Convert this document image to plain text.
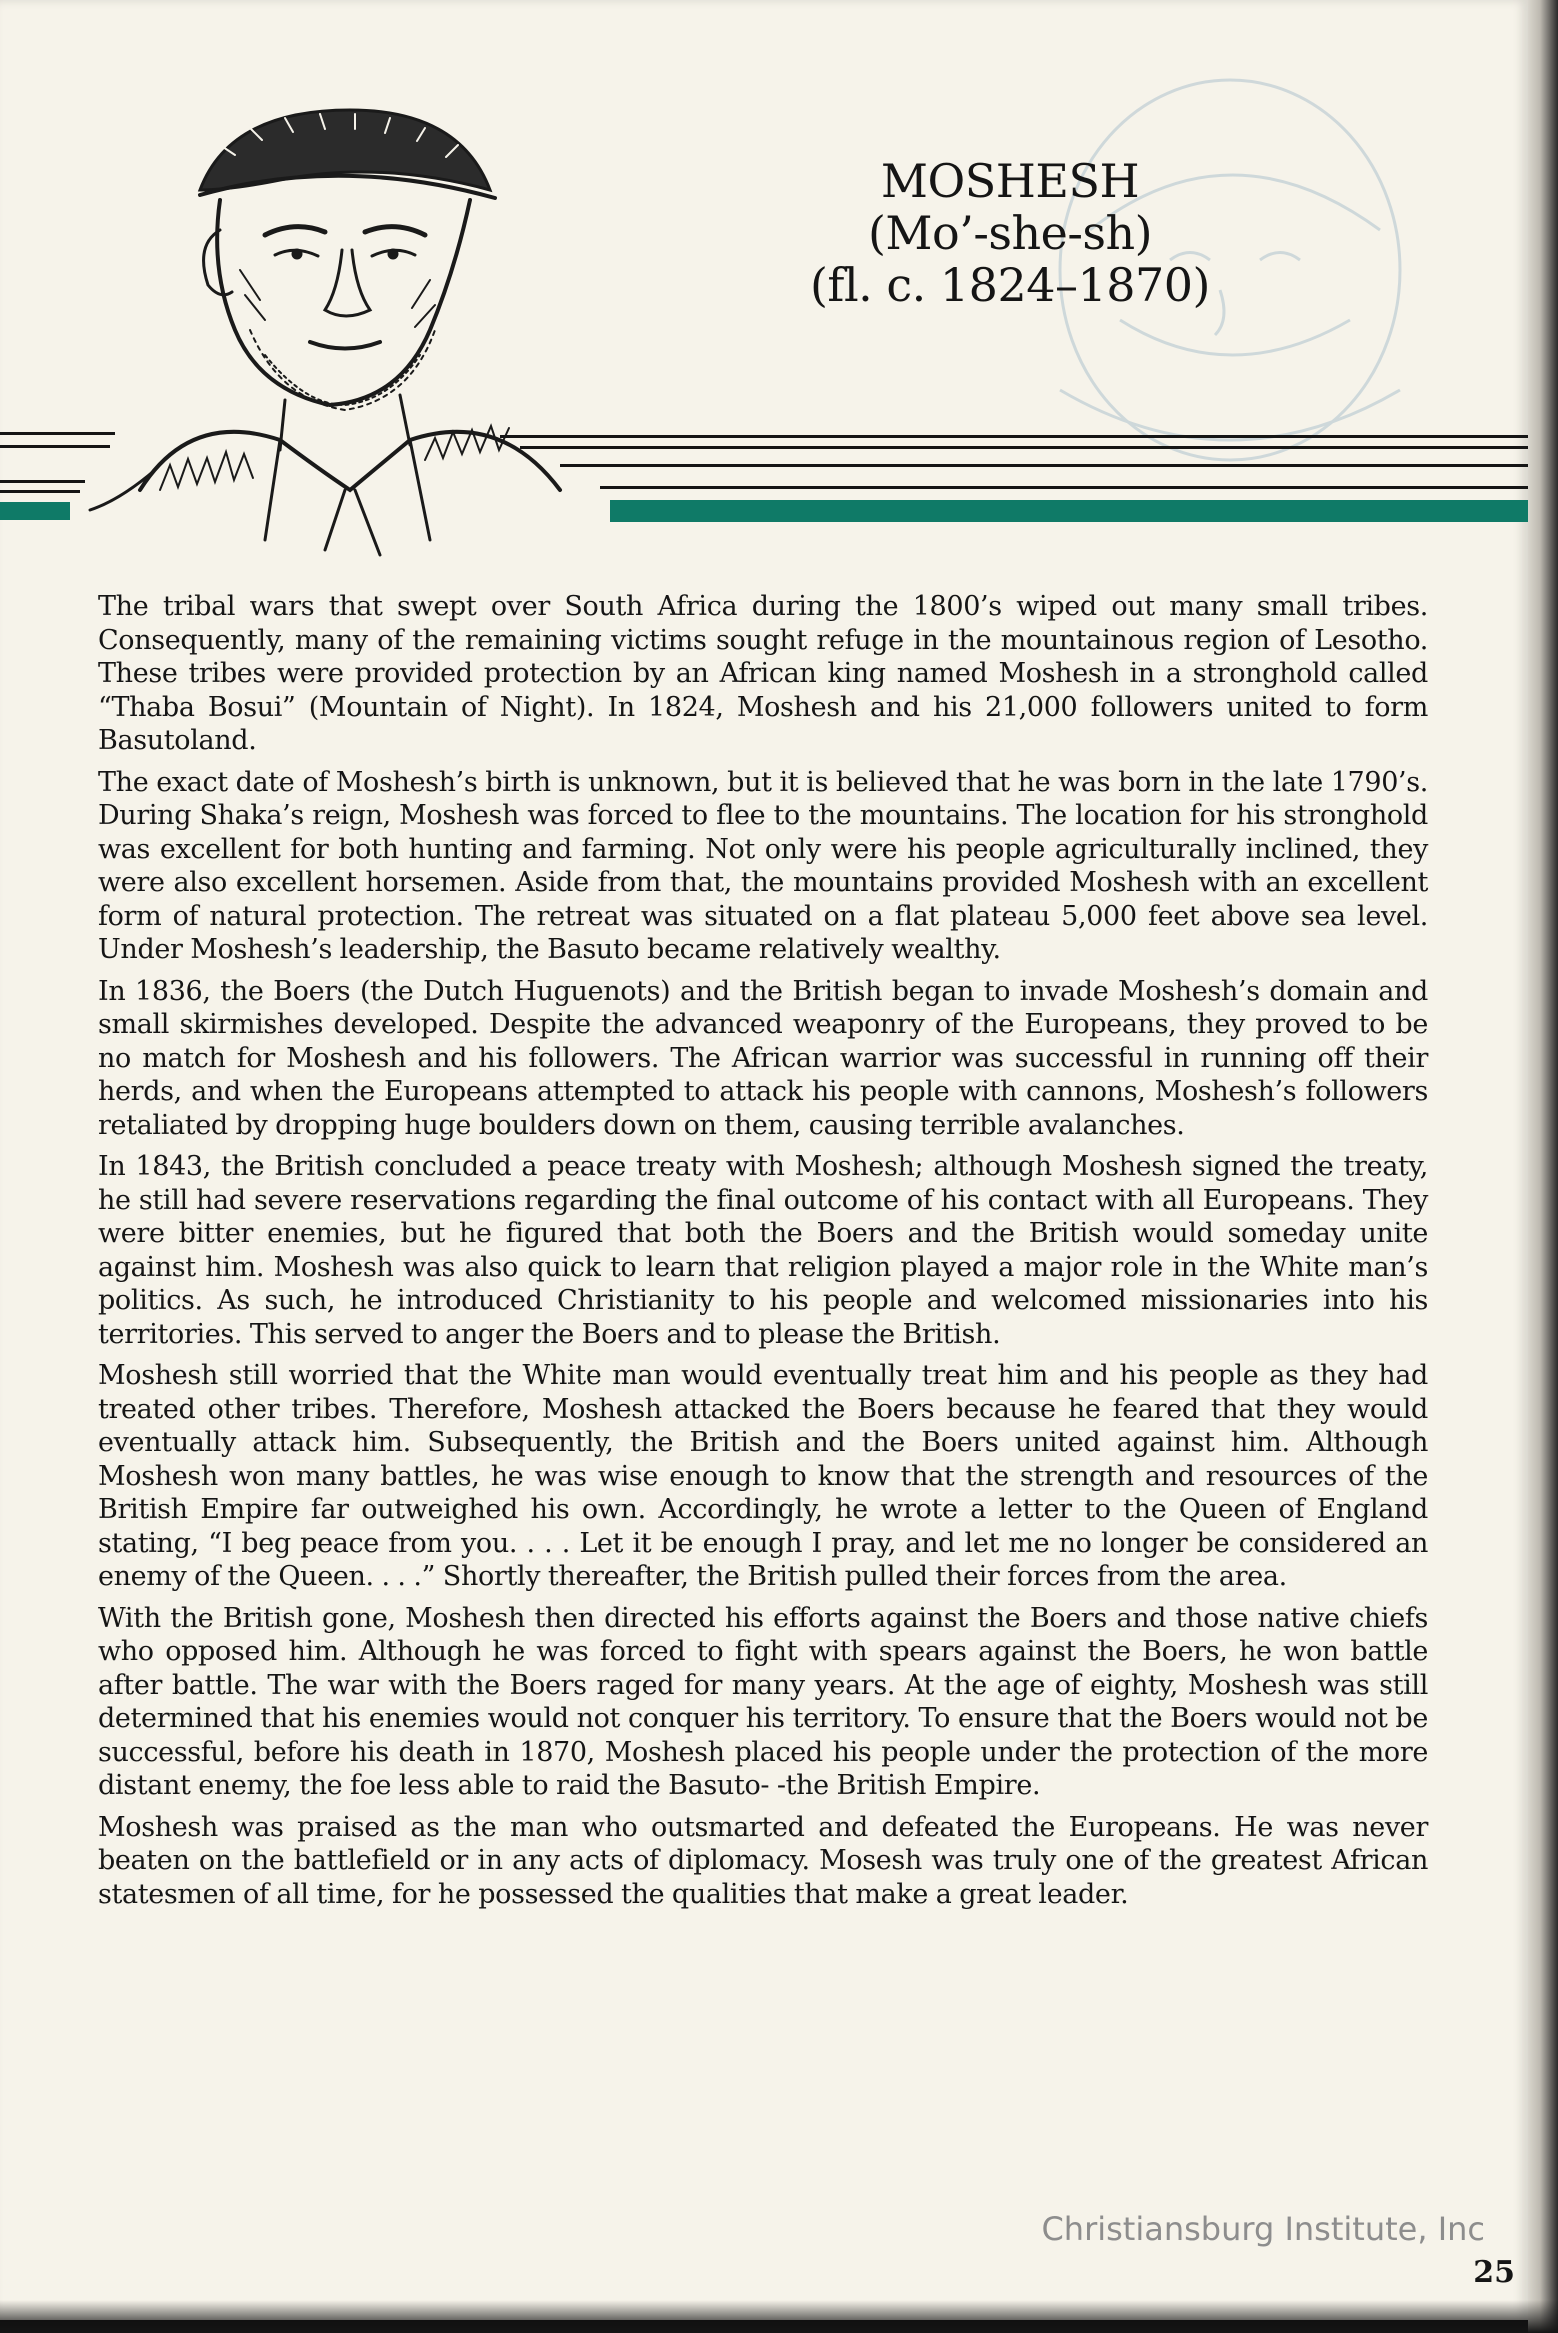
MOSHESH
(Mo’-she-sh)
(fl. c. 1824–1870)

The tribal wars that swept over South Africa during the 1800’s wiped out many small tribes. Consequently, many of the remaining victims sought refuge in the mountainous region of Lesotho. These tribes were provided protection by an African king named Moshesh in a stronghold called “Thaba Bosui” (Mountain of Night). In 1824, Moshesh and his 21,000 followers united to form Basutoland.

The exact date of Moshesh’s birth is unknown, but it is believed that he was born in the late 1790’s. During Shaka’s reign, Moshesh was forced to flee to the mountains. The location for his stronghold was excellent for both hunting and farming. Not only were his people agriculturally inclined, they were also excellent horsemen. Aside from that, the mountains provided Moshesh with an excellent form of natural protection. The retreat was situated on a flat plateau 5,000 feet above sea level. Under Moshesh’s leadership, the Basuto became relatively wealthy.

In 1836, the Boers (the Dutch Huguenots) and the British began to invade Moshesh’s domain and small skirmishes developed. Despite the advanced weaponry of the Europeans, they proved to be no match for Moshesh and his followers. The African warrior was successful in running off their herds, and when the Europeans attempted to attack his people with cannons, Moshesh’s followers retaliated by dropping huge boulders down on them, causing terrible avalanches.

In 1843, the British concluded a peace treaty with Moshesh; although Moshesh signed the treaty, he still had severe reservations regarding the final outcome of his contact with all Europeans. They were bitter enemies, but he figured that both the Boers and the British would someday unite against him. Moshesh was also quick to learn that religion played a major role in the White man’s politics. As such, he introduced Christianity to his people and welcomed missionaries into his territories. This served to anger the Boers and to please the British.

Moshesh still worried that the White man would eventually treat him and his people as they had treated other tribes. Therefore, Moshesh attacked the Boers because he feared that they would eventually attack him. Subsequently, the British and the Boers united against him. Although Moshesh won many battles, he was wise enough to know that the strength and resources of the British Empire far outweighed his own. Accordingly, he wrote a letter to the Queen of England stating, “I beg peace from you. . . . Let it be enough I pray, and let me no longer be considered an enemy of the Queen. . . .” Shortly thereafter, the British pulled their forces from the area.

With the British gone, Moshesh then directed his efforts against the Boers and those native chiefs who opposed him. Although he was forced to fight with spears against the Boers, he won battle after battle. The war with the Boers raged for many years. At the age of eighty, Moshesh was still determined that his enemies would not conquer his territory. To ensure that the Boers would not be successful, before his death in 1870, Moshesh placed his people under the protection of the more distant enemy, the foe less able to raid the Basuto- -the British Empire.

Moshesh was praised as the man who outsmarted and defeated the Europeans. He was never beaten on the battlefield or in any acts of diplomacy. Mosesh was truly one of the greatest African statesmen of all time, for he possessed the qualities that make a great leader.

Christiansburg Institute, Inc
25
